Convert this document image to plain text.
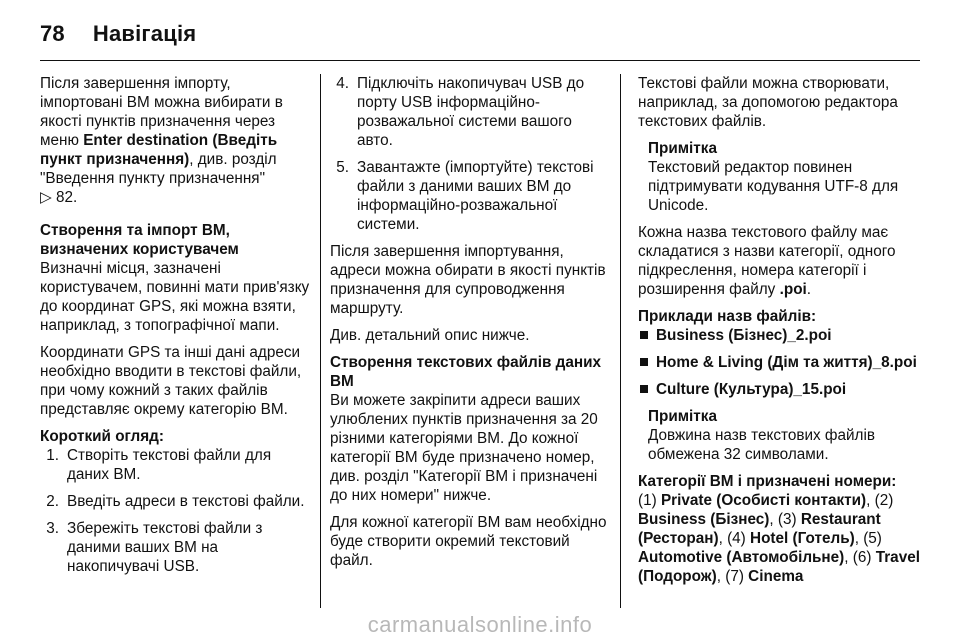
78 Навігація

Після завершення імпорту, імпортовані ВМ можна вибирати в якості пунктів призначення через меню Enter destination (Введіть пункт призначення), див. розділ "Введення пункту призначення"
▷ 82.

Створення та імпорт ВМ, визначених користувачем

Визначні місця, зазначені користувачем, повинні мати прив'язку до координат GPS, які можна взяти, наприклад, з топографічної мапи.

Координати GPS та інші дані адреси необхідно вводити в текстові файли, при чому кожний з таких файлів представляє окрему категорію ВМ.

Короткий огляд:

1. Створіть текстові файли для даних ВМ.
2. Введіть адреси в текстові файли.
3. Збережіть текстові файли з даними ваших ВМ на накопичувачі USB.
4. Підключіть накопичувач USB до порту USB інформаційно-розважальної системи вашого авто.
5. Завантажте (імпортуйте) текстові файли з даними ваших ВМ до інформаційно-розважальної системи.

Після завершення імпортування, адреси можна обирати в якості пунктів призначення для супроводження маршруту.

Див. детальний опис нижче.

Створення текстових файлів даних ВМ

Ви можете закріпити адреси ваших улюблених пунктів призначення за 20 різними категоріями ВМ. До кожної категорії ВМ буде призначено номер, див. розділ "Категорії ВМ і призначені до них номери" нижче.

Для кожної категорії ВМ вам необхідно буде створити окремий текстовий файл.

Текстові файли можна створювати, наприклад, за допомогою редактора текстових файлів.

Примітка
Текстовий редактор повинен підтримувати кодування UTF-8 для Unicode.

Кожна назва текстового файлу має складатися з назви категорії, одного підкреслення, номера категорії і розширення файлу .poi.

Приклади назв файлів:

Business (Бізнес)_2.poi
Home & Living (Дім та життя)_8.poi
Culture (Культура)_15.poi
Примітка
Довжина назв текстових файлів обмежена 32 символами.

Категорії ВМ і призначені номери:

(1) Private (Особисті контакти), (2) Business (Бізнес), (3) Restaurant (Ресторан), (4) Hotel (Готель), (5) Automotive (Автомобільне), (6) Travel (Подорож), (7) Cinema

carmanualsonline.info
